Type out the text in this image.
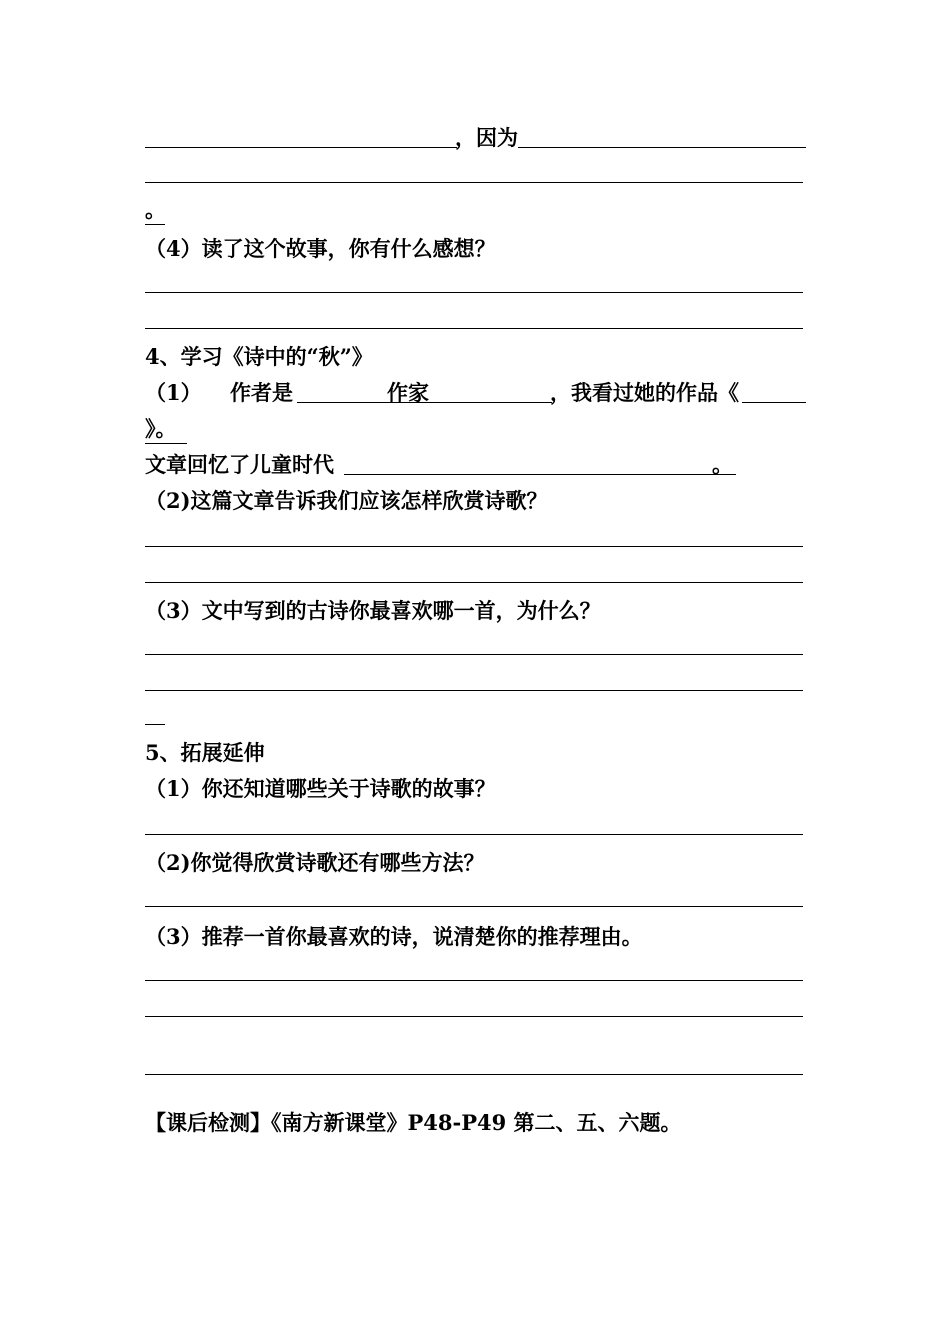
，因为
。
（4）读了这个故事，你有什么感想？
4、学习《诗中的“秋”》
（1） 作者是	作家	，我看过她的作品《
》。
文章回忆了儿童时代	。
（2)这篇文章告诉我们应该怎样欣赏诗歌？
（3）文中写到的古诗你最喜欢哪一首，为什么？
5、拓展延伸
（1）你还知道哪些关于诗歌的故事？
（2)你觉得欣赏诗歌还有哪些方法？
（3）推荐一首你最喜欢的诗，说清楚你的推荐理由。
【课后检测】《南方新课堂》P48-P49 第二、五、六题。
